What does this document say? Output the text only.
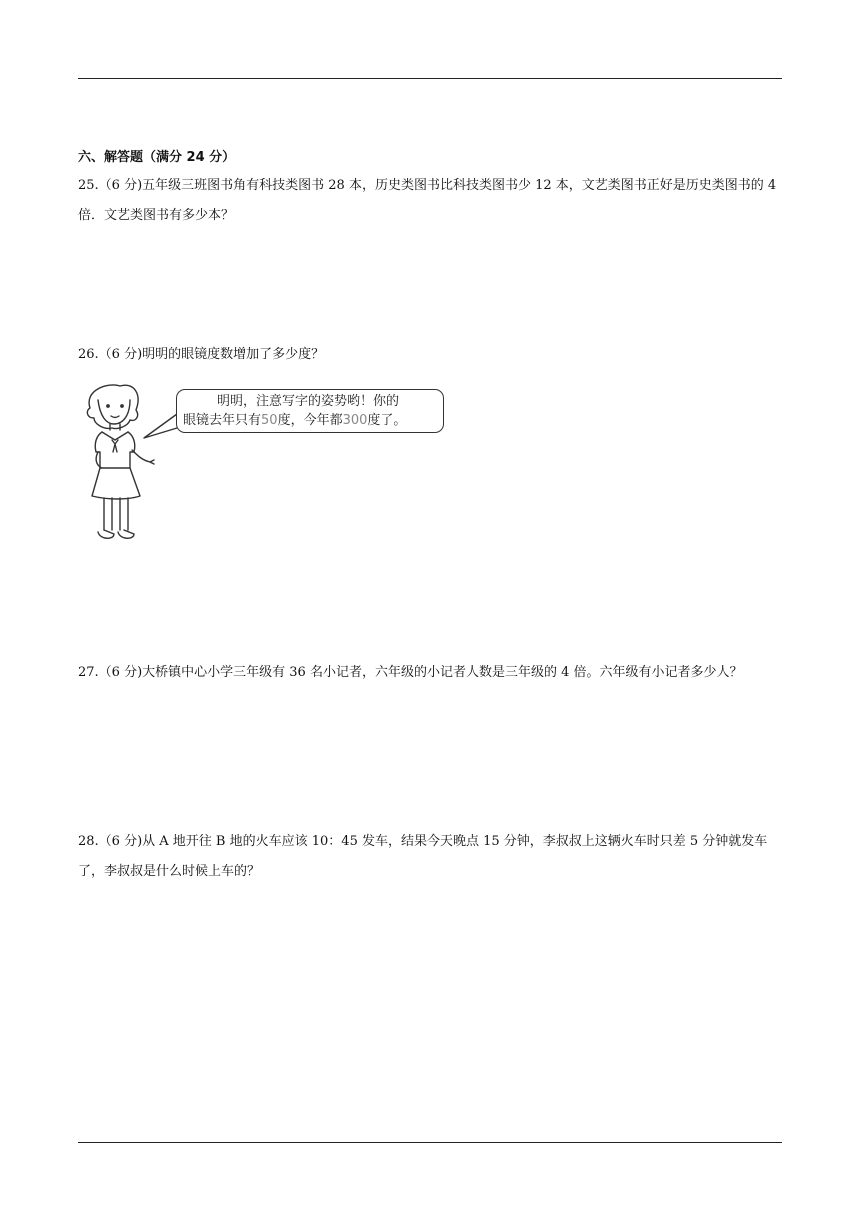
六、解答题（满分 24 分）
25.（6 分)五年级三班图书角有科技类图书 28 本，历史类图书比科技类图书少 12 本，文艺类图书正好是历史类图书的 4 倍．文艺类图书有多少本？
26.（6 分)明明的眼镜度数增加了多少度？
明明，注意写字的姿势哟！你的
眼镜去年只有50度，今年都300度了。
27.（6 分)大桥镇中心小学三年级有 36 名小记者，六年级的小记者人数是三年级的 4 倍。六年级有小记者多少人？
28.（6 分)从 A 地开往 B 地的火车应该 10：45 发车，结果今天晚点 15 分钟，李叔叔上这辆火车时只差 5 分钟就发车了，李叔叔是什么时候上车的？
